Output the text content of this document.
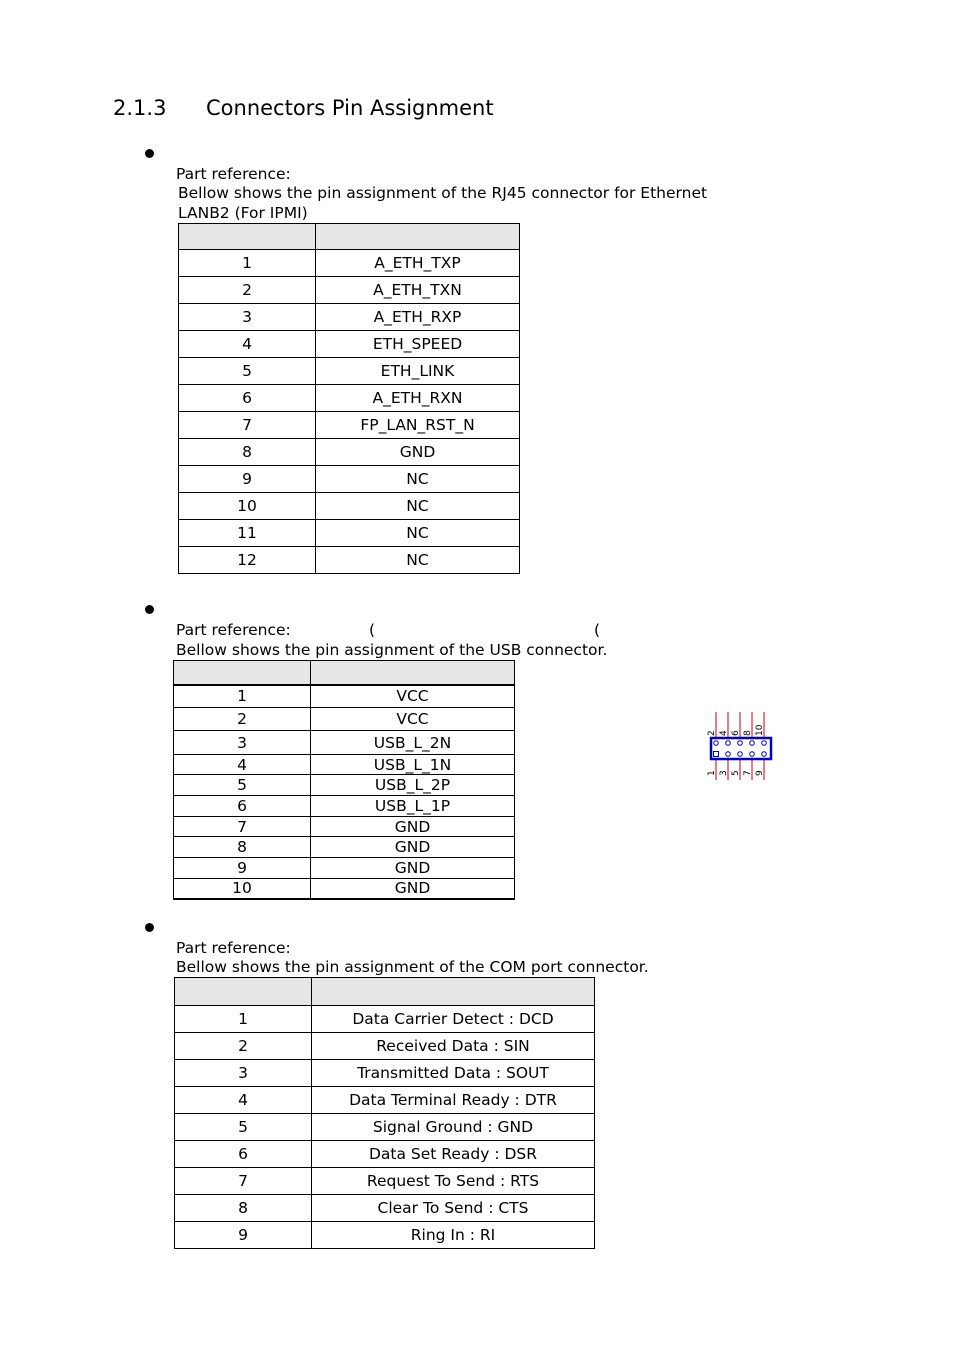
2.1.3 Connectors Pin Assignment
Part reference:
Bellow shows the pin assignment of the RJ45 connector for Ethernet
LANB2 (For IPMI)

1	A_ETH_TXP
2	A_ETH_TXN
3	A_ETH_RXP
4	ETH_SPEED
5	ETH_LINK
6	A_ETH_RXN
7	FP_LAN_RST_N
8	GND
9	NC
10	NC
11	NC
12	NC
Part reference:	(	(
Bellow shows the pin assignment of the USB connector.

1	VCC
2	VCC
3	USB_L_2N
4	USB_L_1N
5	USB_L_2P
6	USB_L_1P
7	GND
8	GND
9	GND
10	GND
2
1
4
3
6
5
8
7
10
9
Part reference:
Bellow shows the pin assignment of the COM port connector.

1	Data Carrier Detect : DCD
2	Received Data : SIN
3	Transmitted Data : SOUT
4	Data Terminal Ready : DTR
5	Signal Ground : GND
6	Data Set Ready : DSR
7	Request To Send : RTS
8	Clear To Send : CTS
9	Ring In : RI
